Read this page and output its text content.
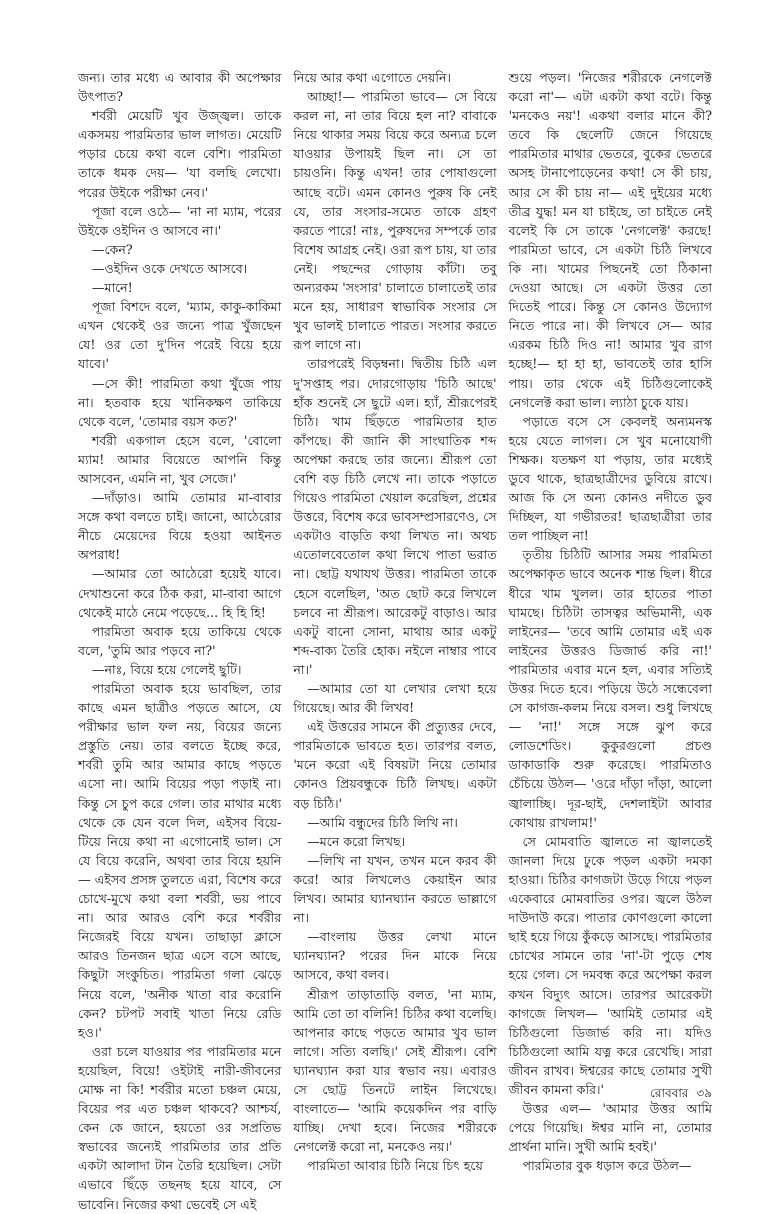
জন্য। তার মধ্যে এ আবার কী অপেক্ষার উৎপাত?

শর্বরী মেয়েটি খুব উজ্জ্বল। তাকে একসময় পারমিতার ভাল লাগত। মেয়েটি পড়ার চেয়ে কথা বলে বেশি। পারমিতা তাকে ধমক দেয়— 'যা বলছি লেখো। পরের উইকে পরীক্ষা নেব।'

পূজা বলে ওঠে— 'না না ম্যাম, পরের উইকে ওইদিন ও আসবে না।'

—কেন?

—ওইদিন ওকে দেখতে আসবে।

—মানে!

পূজা বিশদে বলে, 'ম্যাম, কাকু-কাকিমা এখন থেকেই ওর জন্যে পাত্র খুঁজছেন যে! ওর তো দু'দিন পরেই বিয়ে হয়ে যাবে।'

—সে কী! পারমিতা কথা খুঁজে পায় না। হতবাক হয়ে খানিকক্ষণ তাকিয়ে থেকে বলে, 'তোমার বয়স কত?'

শর্বরী একগাল হেসে বলে, 'বোলো ম্যাম! আমার বিয়েতে আপনি কিন্তু আসবেন, এমনি না, খুব সেজে।'

—দাঁড়াও। আমি তোমার মা-বাবার সঙ্গে কথা বলতে চাই। জানো, আঠেরোর নীচে মেয়েদের বিয়ে হওয়া আইনত অপরাধ!

—আমার তো আঠেরো হয়েই যাবে। দেখাশুনো করে ঠিক করা, মা-বাবা আগে থেকেই মাঠে নেমে পড়েছে... হি হি হি!

পারমিতা অবাক হয়ে তাকিয়ে থেকে বলে, 'তুমি আর পড়বে না?'

—নাঃ, বিয়ে হয়ে গেলেই ছুটি।

পারমিতা অবাক হয়ে ভাবছিল, তার কাছে এমন ছাত্রীও পড়তে আসে, যে পরীক্ষার ভাল ফল নয়, বিয়ের জন্যে প্রস্তুতি নেয়। তার বলতে ইচ্ছে করে, শর্বরী তুমি আর আমার কাছে পড়তে এসো না। আমি বিয়ের পড়া পড়াই না। কিন্তু সে চুপ করে গেল। তার মাথার মধ্যে থেকে কে যেন বলে দিল, এইসব বিয়ে-টিয়ে নিয়ে কথা না এগোনোই ভাল। সে যে বিয়ে করেনি, অথবা তার বিয়ে হয়নি— এইসব প্রসঙ্গ তুলতে এরা, বিশেষ করে চোখে-মুখে কথা বলা শর্বরী, ভয় পাবে না। আর আরও বেশি করে শর্বরীর নিজেরই বিয়ে যখন। তাছাড়া ক্লাসে আরও তিনজন ছাত্র এসে বসে আছে, কিছুটা সংকুচিত। পারমিতা গলা ঝেড়ে নিয়ে বলে, 'অনীক খাতা বার করোনি কেন? চটপট সবাই খাতা নিয়ে রেডি হও।'

ওরা চলে যাওয়ার পর পারমিতার মনে হয়েছিল, বিয়ে! ওইটাই নারী-জীবনের মোক্ষ না কি! শর্বরীর মতো চঞ্চল মেয়ে, বিয়ের পর এত চঞ্চল থাকবে? আশ্চর্য, কেন কে জানে, হয়তো ওর সপ্রতিভ স্বভাবের জন্যেই পারমিতার তার প্রতি একটা আলাদা টান তৈরি হয়েছিল। সেটা এভাবে ছিঁড়ে তছনছ হয়ে যাবে, সে ভাবেনি। নিজের কথা ভেবেই সে এই

নিয়ে আর কথা এগোতে দেয়নি।

আচ্ছা!— পারমিতা ভাবে— সে বিয়ে করল না, না তার বিয়ে হল না? বাবাকে নিয়ে থাকার সময় বিয়ে করে অন্যত্র চলে যাওয়ার উপায়ই ছিল না। সে তা চায়ওনি। কিন্তু এখন! তার পোষাগুলো আছে বটে। এমন কোনও পুরুষ কি নেই যে, তার সংসার-সমেত তাকে গ্রহণ করতে পারে! নাঃ, পুরুষদের সম্পর্কে তার বিশেষ আগ্রহ নেই। ওরা রূপ চায়, যা তার নেই। পছন্দের গোড়ায় কাঁটা। তবু অন্যরকম 'সংসার' চালাতে চালাতেই তার মনে হয়, সাধারণ স্বাভাবিক সংসার সে খুব ভালই চালাতে পারত। সংসার করতে রূপ লাগে না।

তারপরেই বিড়ম্বনা। দ্বিতীয় চিঠি এল দু'সপ্তাহ পর। দোরগোড়ায় 'চিঠি আছে' হাঁক শুনেই সে ছুটে এল। হ্যাঁ, শ্রীরূপেরই চিঠি। খাম ছিঁড়তে পারমিতার হাত কাঁপছে। কী জানি কী সাংঘাতিক শব্দ অপেক্ষা করছে তার জন্যে। শ্রীরূপ তো বেশি বড় চিঠি লেখে না। তাকে পড়াতে গিয়েও পারমিতা খেয়াল করেছিল, প্রশ্নের উত্তরে, বিশেষ করে ভাবসম্প্রসারণেও, সে একটাও বাড়তি কথা লিখত না। অথচ এতোলবেতোল কথা লিখে পাতা ভরাত না। ছোট্ট যথাযথ উত্তর। পারমিতা তাকে হেসে বলেছিল, 'অত ছোট করে লিখলে চলবে না শ্রীরূপ। আরেকটু বাড়াও। আর একটু বানো সোনা, মাথায় আর একটু শব্দ-বাক্য তৈরি হোক। নইলে নাম্বার পাবে না।'

—আমার তো যা লেখার লেখা হয়ে গিয়েছে। আর কী লিখব!

এই উত্তরের সামনে কী প্রত্যুত্তর দেবে, পারমিতাকে ভাবতে হত। তারপর বলত, 'মনে করো এই বিষয়টা নিয়ে তোমার কোনও প্রিয়বন্ধুকে চিঠি লিখছ। একটা বড় চিঠি।'

—আমি বন্ধুদের চিঠি লিখি না।

—মনে করো লিখছ।

—লিখি না যখন, তখন মনে করব কী করে! আর লিখলেও কেয়াইন আর লিখব। আমার ঘ্যানঘ্যান করতে ভাল্লাগে না।

—বাংলায় উত্তর লেখা মানে ঘ্যানঘ্যান? পরের দিন মাকে নিয়ে আসবে, কথা বলব।

শ্রীরূপ তাড়াতাড়ি বলত, 'না ম্যাম, আমি তো তা বলিনি! চিঠির কথা বলেছি। আপনার কাছে পড়তে আমার খুব ভাল লাগে। সত্যি বলছি।' সেই শ্রীরূপ। বেশি ঘ্যানঘ্যান করা যার স্বভাব নয়। এবারও সে ছোট্ট তিনটে লাইন লিখেছে। বাংলাতে— 'আমি কয়েকদিন পর বাড়ি যাচ্ছি। দেখা হবে। নিজের শরীরকে নেগলেক্ট করো না, মনকেও নয়।'

পারমিতা আবার চিঠি নিয়ে চিৎ হয়ে

শুয়ে পড়ল। 'নিজের শরীরকে নেগলেক্ট করো না'— এটা একটা কথা বটে। কিন্তু 'মনকেও নয়'! একথা বলার মানে কী? তবে কি ছেলেটি জেনে গিয়েছে পারমিতার মাথার ভেতরে, বুকের ভেতরে অসহ টানাপোড়েনের কথা! সে কী চায়, আর সে কী চায় না— এই দুইয়ের মধ্যে তীব্র যুদ্ধ! মন যা চাইছে, তা চাইতে নেই বলেই কি সে তাকে 'নেগলেক্ট' করছে! পারমিতা ভাবে, সে একটা চিঠি লিখবে কি না। খামের পিছনেই তো ঠিকানা দেওয়া আছে। সে একটা উত্তর তো দিতেই পারে। কিন্তু সে কোনও উদ্যোগ নিতে পারে না। কী লিখবে সে— আর এরকম চিঠি দিও না! আমার খুব রাগ হচ্ছে!— হা হা হা, ভাবতেই তার হাসি পায়। তার থেকে এই চিঠিগুলোকেই নেগলেক্ট করা ভাল। ল্যাঠা চুকে যায়।

পড়াতে বসে সে কেবলই অন্যমনস্ক হয়ে যেতে লাগল। সে খুব মনোযোগী শিক্ষক। যতক্ষণ যা পড়ায়, তার মধ্যেই ডুবে থাকে, ছাত্রছাত্রীদের ডুবিয়ে রাখে। আজ কি সে অন্য কোনও নদীতে ডুব দিচ্ছিল, যা গভীরতর! ছাত্রছাত্রীরা তার তল পাচ্ছিল না!

তৃতীয় চিঠিটি আসার সময় পারমিতা অপেক্ষাকৃত ভাবে অনেক শান্ত ছিল। ধীরে ধীরে খাম খুলল। তার হাতের পাতা ঘামছে। চিঠিটা তাসত্বর অভিমানী, এক লাইনের— 'তবে আমি তোমার এই এক লাইনের উত্তরও ডিজার্ভ করি না!' পারমিতার এবার মনে হল, এবার সত্যিই উত্তর দিতে হবে। পড়িয়ে উঠে সন্ধেবেলা সে কাগজ-কলম নিয়ে বসল। শুধু লিখছে— 'না!' সঙ্গে সঙ্গে ঝুপ করে লোডশেডিং। কুকুরগুলো প্রচণ্ড ডাকাডাকি শুরু করেছে। পারমিতাও চেঁচিয়ে উঠল— 'ওরে দাঁড়া দাঁড়া, আলো জ্বালাচ্ছি। দূর-ছাই, দেশলাইটা আবার কোথায় রাখলাম!'

সে মোমবাতি জ্বালতে না জ্বালতেই জানলা দিয়ে ঢুকে পড়ল একটা দমকা হাওয়া। চিঠির কাগজটা উড়ে গিয়ে পড়ল একেবারে মোমবাতির ওপর। জ্বলে উঠল দাউদাউ করে। পাতার কোণগুলো কালো ছাই হয়ে গিয়ে কুঁকড়ে আসছে। পারমিতার চোখের সামনে তার 'না'-টা পুড়ে শেষ হয়ে গেল। সে দমবন্ধ করে অপেক্ষা করল কখন বিদ্যুৎ আসে। তারপর আরেকটা কাগজে লিখল— 'আমিই তোমার এই চিঠিগুলো ডিজার্ভ করি না। যদিও চিঠিগুলো আমি যত্ন করে রেখেছি। সারা জীবন রাখব। ঈশ্বরের কাছে তোমার সুখী জীবন কামনা করি।'

উত্তর এল— 'আমার উত্তর আমি পেয়ে গিয়েছি। ঈশ্বর মানি না, তোমার প্রার্থনা মানি। সুখী আমি হবই।'

পারমিতার বুক ধড়াস করে উঠল—

রোববার ৩৯
